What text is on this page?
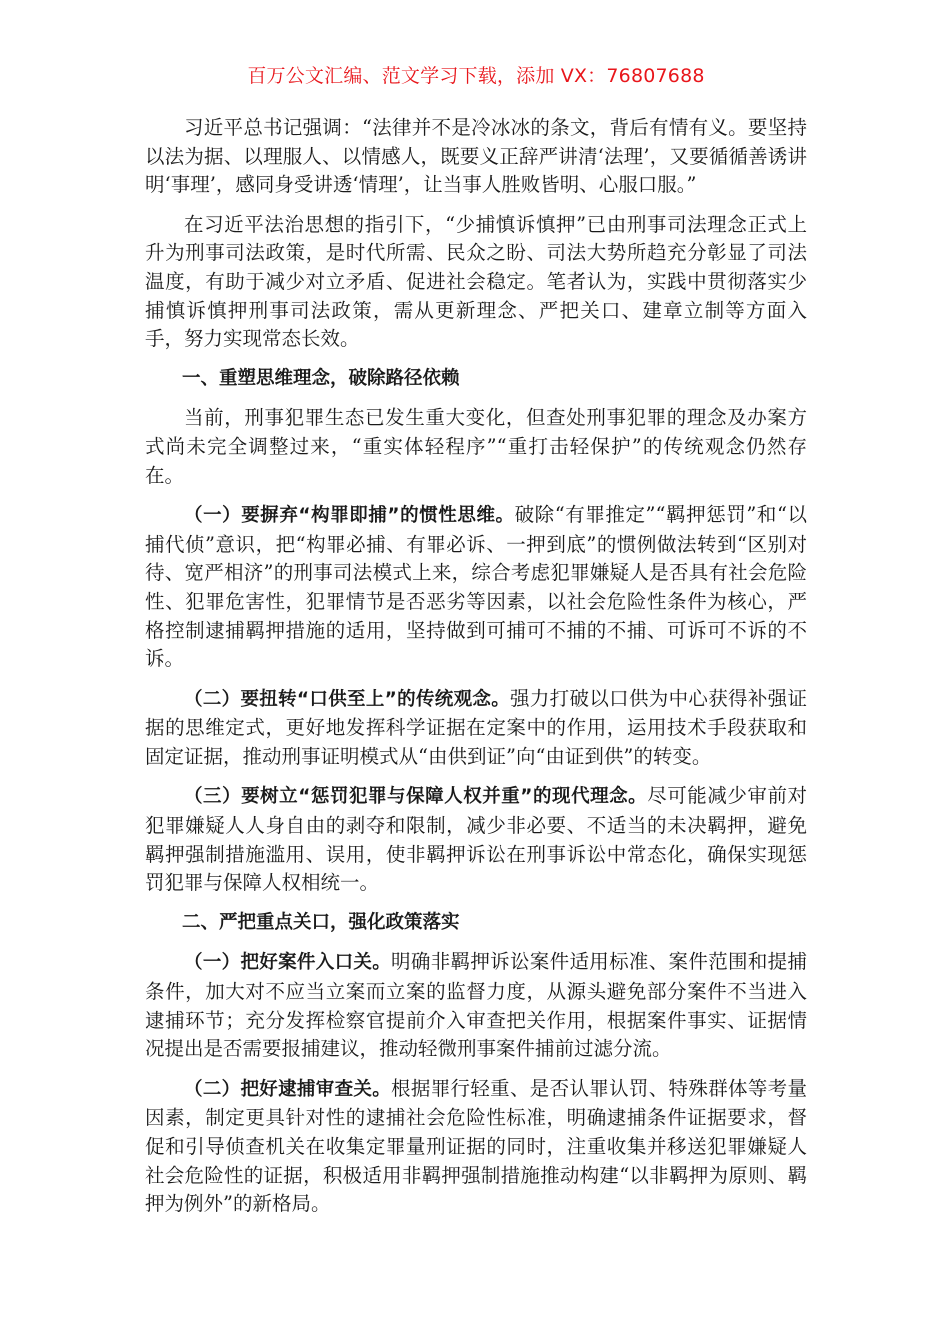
百万公文汇编、范文学习下载，添加 VX：76807688

习近平总书记强调：“法律并不是冷冰冰的条文，背后有情有义。要坚持以法为据、以理服人、以情感人，既要义正辞严讲清‘法理’，又要循循善诱讲明‘事理’，感同身受讲透‘情理’，让当事人胜败皆明、心服口服。”

在习近平法治思想的指引下，“少捕慎诉慎押”已由刑事司法理念正式上升为刑事司法政策，是时代所需、民众之盼、司法大势所趋充分彰显了司法温度，有助于减少对立矛盾、促进社会稳定。笔者认为，实践中贯彻落实少捕慎诉慎押刑事司法政策，需从更新理念、严把关口、建章立制等方面入手，努力实现常态长效。

一、重塑思维理念，破除路径依赖

当前，刑事犯罪生态已发生重大变化，但查处刑事犯罪的理念及办案方式尚未完全调整过来，“重实体轻程序”“重打击轻保护”的传统观念仍然存在。

（一）要摒弃“构罪即捕”的惯性思维。破除“有罪推定”“羁押惩罚”和“以捕代侦”意识，把“构罪必捕、有罪必诉、一押到底”的惯例做法转到“区别对待、宽严相济”的刑事司法模式上来，综合考虑犯罪嫌疑人是否具有社会危险性、犯罪危害性，犯罪情节是否恶劣等因素，以社会危险性条件为核心，严格控制逮捕羁押措施的适用，坚持做到可捕可不捕的不捕、可诉可不诉的不诉。

（二）要扭转“口供至上”的传统观念。强力打破以口供为中心获得补强证据的思维定式，更好地发挥科学证据在定案中的作用，运用技术手段获取和固定证据，推动刑事证明模式从“由供到证”向“由证到供”的转变。

（三）要树立“惩罚犯罪与保障人权并重”的现代理念。尽可能减少审前对犯罪嫌疑人人身自由的剥夺和限制，减少非必要、不适当的未决羁押，避免羁押强制措施滥用、误用，使非羁押诉讼在刑事诉讼中常态化，确保实现惩罚犯罪与保障人权相统一。

二、严把重点关口，强化政策落实

（一）把好案件入口关。明确非羁押诉讼案件适用标准、案件范围和提捕条件，加大对不应当立案而立案的监督力度，从源头避免部分案件不当进入逮捕环节；充分发挥检察官提前介入审查把关作用，根据案件事实、证据情况提出是否需要报捕建议，推动轻微刑事案件捕前过滤分流。

（二）把好逮捕审查关。根据罪行轻重、是否认罪认罚、特殊群体等考量因素，制定更具针对性的逮捕社会危险性标准，明确逮捕条件证据要求，督促和引导侦查机关在收集定罪量刑证据的同时，注重收集并移送犯罪嫌疑人社会危险性的证据，积极适用非羁押强制措施推动构建“以非羁押为原则、羁押为例外”的新格局。
